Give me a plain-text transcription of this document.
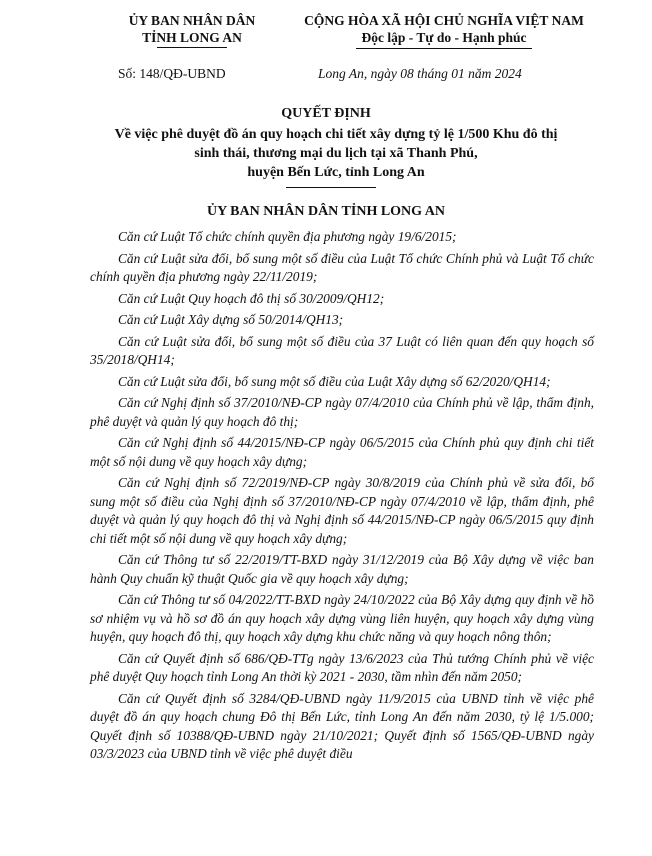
ỦY BAN NHÂN DÂN
TỈNH LONG AN
CỘNG HÒA XÃ HỘI CHỦ NGHĨA VIỆT NAM
Độc lập - Tự do - Hạnh phúc
Số: 148/QĐ-UBND	Long An, ngày 08 tháng 01 năm 2024
QUYẾT ĐỊNH
Về việc phê duyệt đồ án quy hoạch chi tiết xây dựng tỷ lệ 1/500 Khu đô thị
sinh thái, thương mại du lịch tại xã Thanh Phú,
huyện Bến Lức, tỉnh Long An
ỦY BAN NHÂN DÂN TỈNH LONG AN

Căn cứ Luật Tổ chức chính quyền địa phương ngày 19/6/2015;

Căn cứ Luật sửa đổi, bổ sung một số điều của Luật Tổ chức Chính phủ và Luật Tổ chức chính quyền địa phương ngày 22/11/2019;

Căn cứ Luật Quy hoạch đô thị số 30/2009/QH12;

Căn cứ Luật Xây dựng số 50/2014/QH13;

Căn cứ Luật sửa đổi, bổ sung một số điều của 37 Luật có liên quan đến quy hoạch số 35/2018/QH14;

Căn cứ Luật sửa đổi, bổ sung một số điều của Luật Xây dựng số 62/2020/QH14;

Căn cứ Nghị định số 37/2010/NĐ-CP ngày 07/4/2010 của Chính phủ về lập, thẩm định, phê duyệt và quản lý quy hoạch đô thị;

Căn cứ Nghị định số 44/2015/NĐ-CP ngày 06/5/2015 của Chính phủ quy định chi tiết một số nội dung về quy hoạch xây dựng;

Căn cứ Nghị định số 72/2019/NĐ-CP ngày 30/8/2019 của Chính phủ về sửa đổi, bổ sung một số điều của Nghị định số 37/2010/NĐ-CP ngày 07/4/2010 về lập, thẩm định, phê duyệt và quản lý quy hoạch đô thị và Nghị định số 44/2015/NĐ-CP ngày 06/5/2015 quy định chi tiết một số nội dung về quy hoạch xây dựng;

Căn cứ Thông tư số 22/2019/TT-BXD ngày 31/12/2019 của Bộ Xây dựng về việc ban hành Quy chuẩn kỹ thuật Quốc gia về quy hoạch xây dựng;

Căn cứ Thông tư số 04/2022/TT-BXD ngày 24/10/2022 của Bộ Xây dựng quy định về hồ sơ nhiệm vụ và hồ sơ đồ án quy hoạch xây dựng vùng liên huyện, quy hoạch xây dựng vùng huyện, quy hoạch đô thị, quy hoạch xây dựng khu chức năng và quy hoạch nông thôn;

Căn cứ Quyết định số 686/QĐ-TTg ngày 13/6/2023 của Thủ tướng Chính phủ về việc phê duyệt Quy hoạch tỉnh Long An thời kỳ 2021 - 2030, tầm nhìn đến năm 2050;

Căn cứ Quyết định số 3284/QĐ-UBND ngày 11/9/2015 của UBND tỉnh về việc phê duyệt đồ án quy hoạch chung Đô thị Bến Lức, tỉnh Long An đến năm 2030, tỷ lệ 1/5.000; Quyết định số 10388/QĐ-UBND ngày 21/10/2021; Quyết định số 1565/QĐ-UBND ngày 03/3/2023 của UBND tỉnh về việc phê duyệt điều
